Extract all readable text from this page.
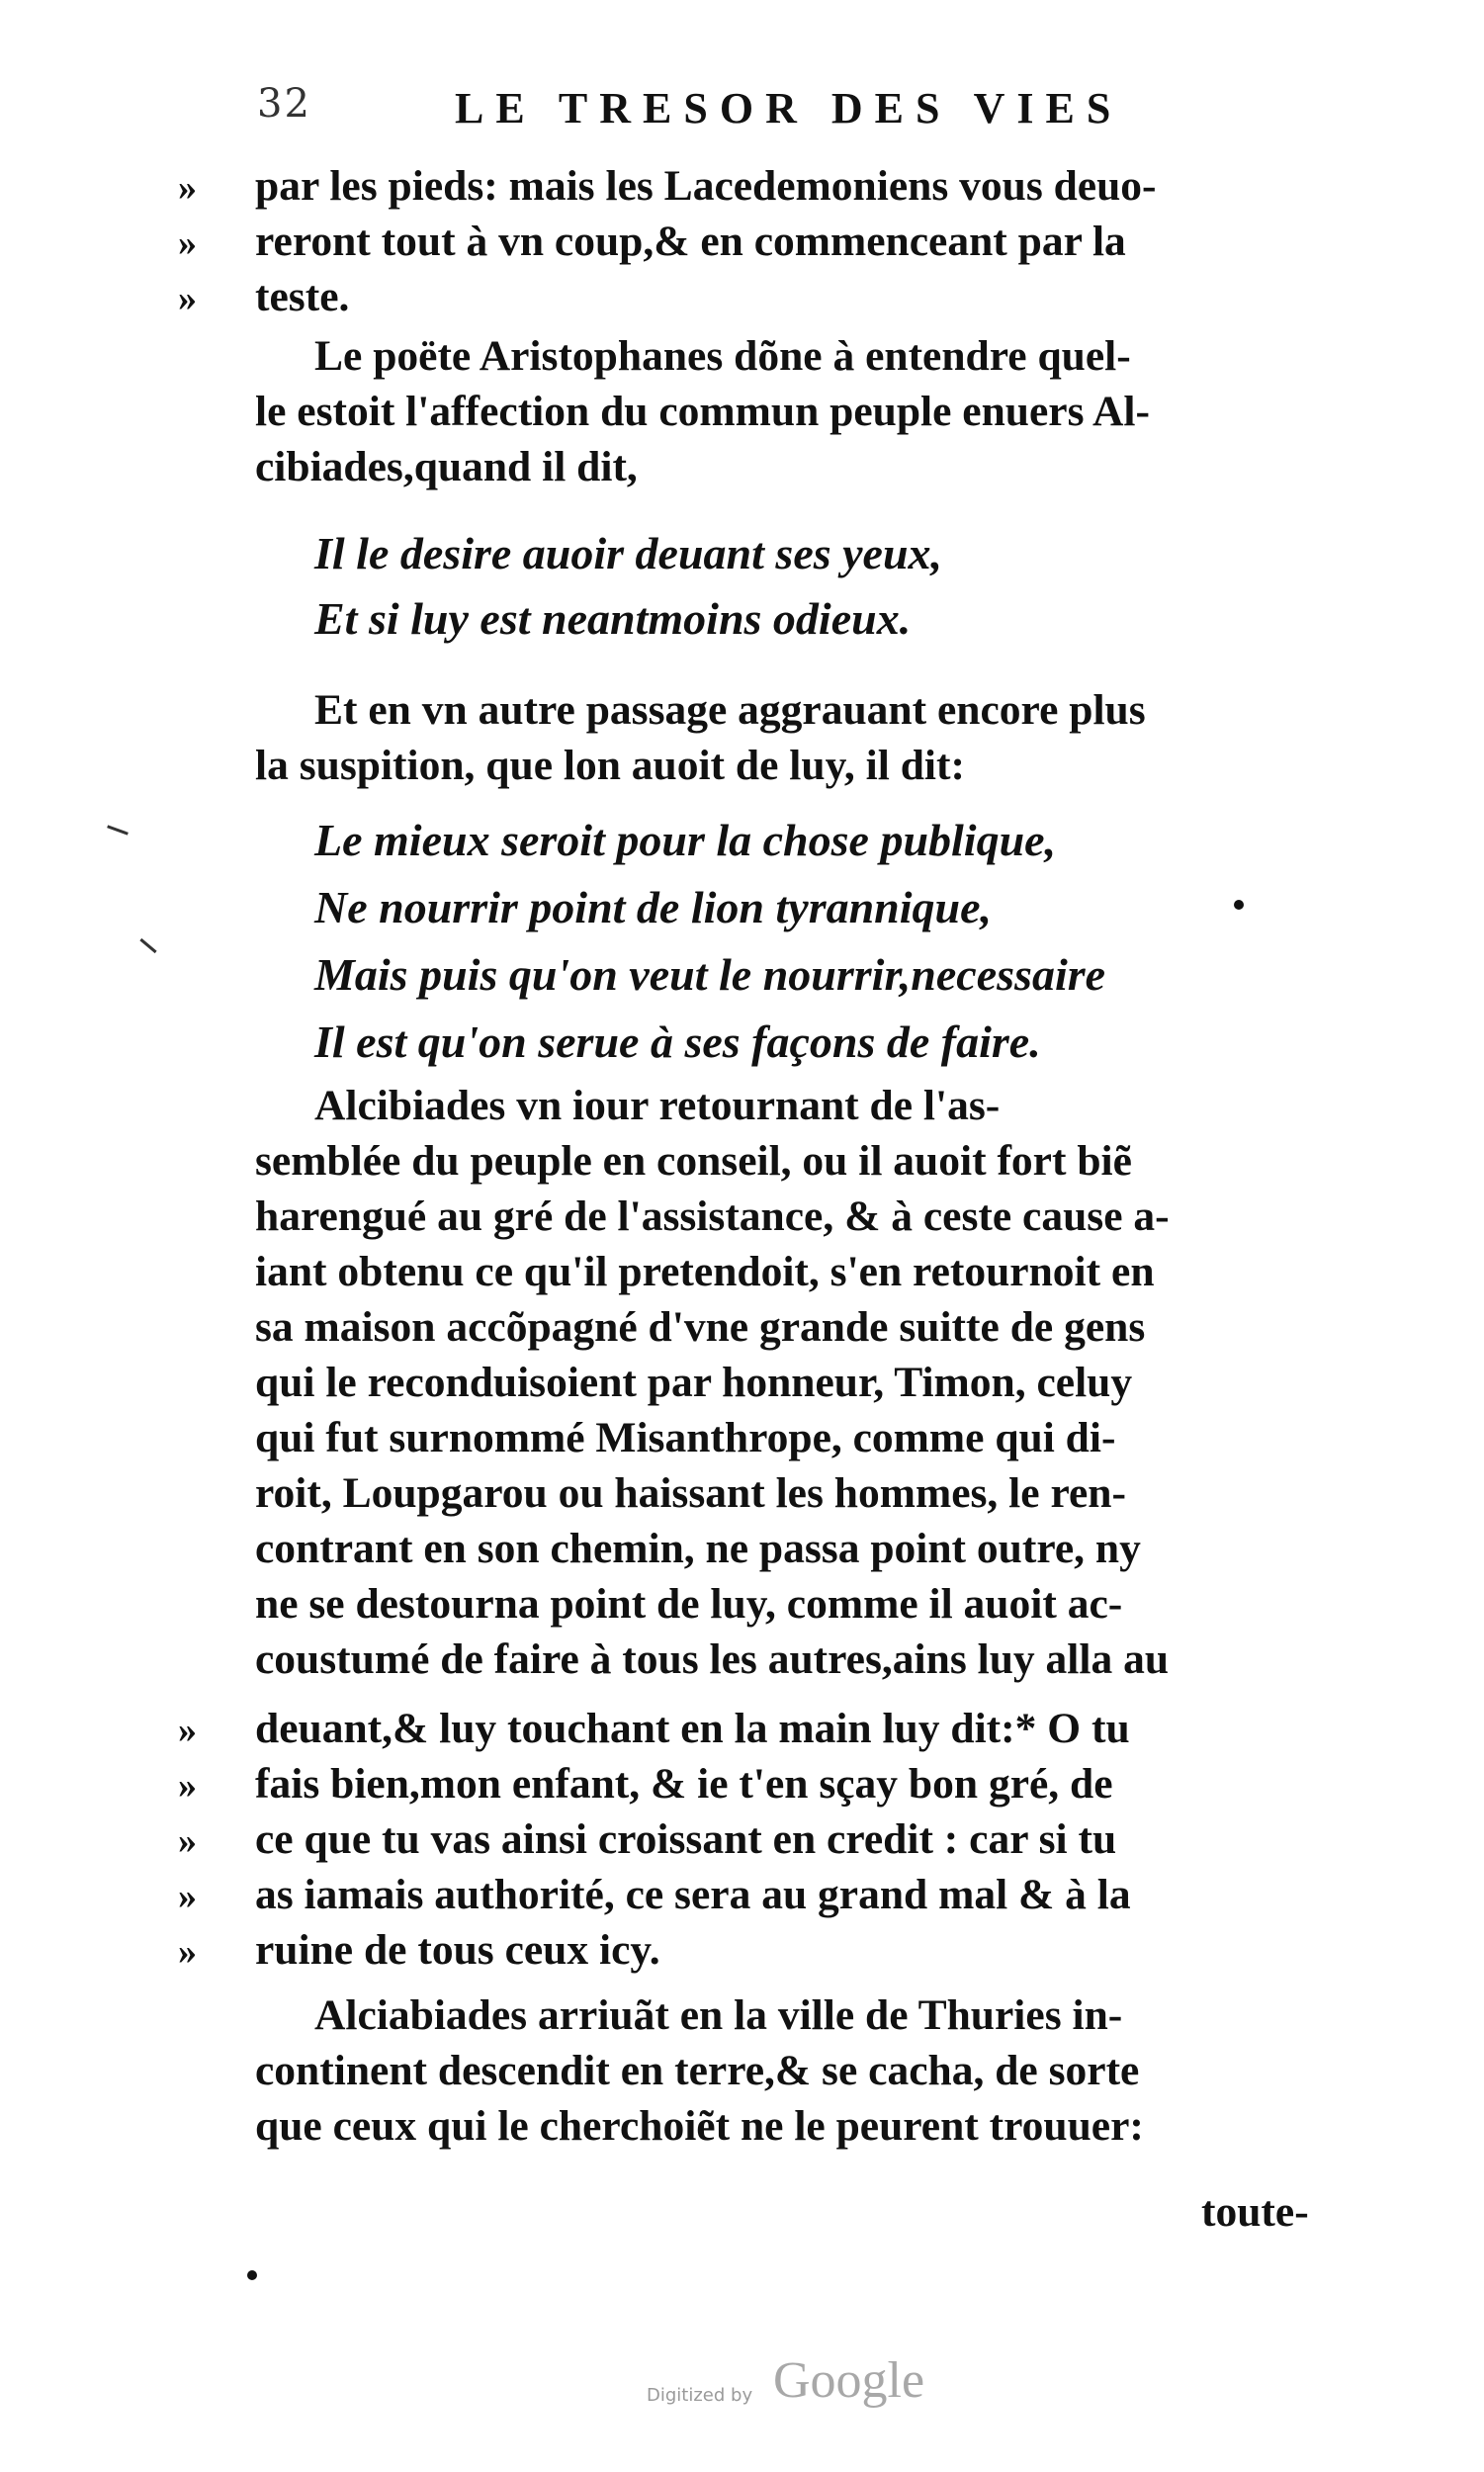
32	LE TRESOR DES VIES
»
»
»
»
»
»
»
»
par les pieds: mais les Lacedemoniens vous deuo-
reront tout à vn coup,& en commenceant par la
teste.
Le poëte Aristophanes dõne à entendre quel-
le estoit l'affection du commun peuple enuers Al-
cibiades,quand il dit,
Il le desire auoir deuant ses yeux,
Et si luy est neantmoins odieux.
Et en vn autre passage aggrauant encore plus
la suspition, que lon auoit de luy, il dit:
Le mieux seroit pour la chose publique,
Ne nourrir point de lion tyrannique,
Mais puis qu'on veut le nourrir,necessaire
Il est qu'on serue à ses façons de faire.
Alcibiades vn iour retournant de l'as-
semblée du peuple en conseil, ou il auoit fort biẽ
harengué au gré de l'assistance, & à ceste cause a-
iant obtenu ce qu'il pretendoit, s'en retournoit en
sa maison accõpagné d'vne grande suitte de gens
qui le reconduisoient par honneur, Timon, celuy
qui fut surnommé Misanthrope, comme qui di-
roit, Loupgarou ou haissant les hommes, le ren-
contrant en son chemin, ne passa point outre, ny
ne se destourna point de luy, comme il auoit ac-
coustumé de faire à tous les autres,ains luy alla au
deuant,& luy touchant en la main luy dit:* O tu
fais bien,mon enfant, & ie t'en sçay bon gré, de
ce que tu vas ainsi croissant en credit : car si tu
as iamais authorité, ce sera au grand mal & à la
ruine de tous ceux icy.
Alciabiades arriuãt en la ville de Thuries in-
continent descendit en terre,& se cacha, de sorte
que ceux qui le cherchoiẽt ne le peurent trouuer:
toute-
Digitized by Google
